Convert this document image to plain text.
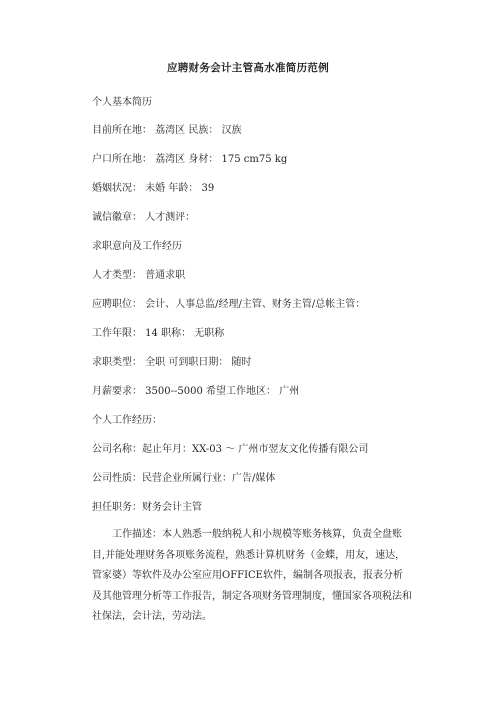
应聘财务会计主管高水准简历范例
个人基本简历
目前所在地： 荔湾区 民族： 汉族
户口所在地： 荔湾区 身材： 175 cm75 kg
婚姻状况： 未婚 年龄： 39
诚信徽章： 人才测评：
求职意向及工作经历
人才类型： 普通求职
应聘职位： 会计、人事总监/经理/主管、财务主管/总帐主管：
工作年限： 14 职称： 无职称
求职类型： 全职 可到职日期： 随时
月薪要求： 3500--5000 希望工作地区： 广州
个人工作经历：
公司名称：起止年月：XX-03 ～ 广州市翌友文化传播有限公司
公司性质：民营企业所属行业：广告/媒体
担任职务：财务会计主管
工作描述：本人熟悉一般纳税人和小规模等账务核算，负责全盘账目,并能处理财务各项账务流程，熟悉计算机财务（金蝶，用友，速达，管家婆）等软件及办公室应用OFFICE软件，编制各项报表，报表分析及其他管理分析等工作报告，制定各项财务管理制度，懂国家各项税法和社保法，会计法，劳动法。
